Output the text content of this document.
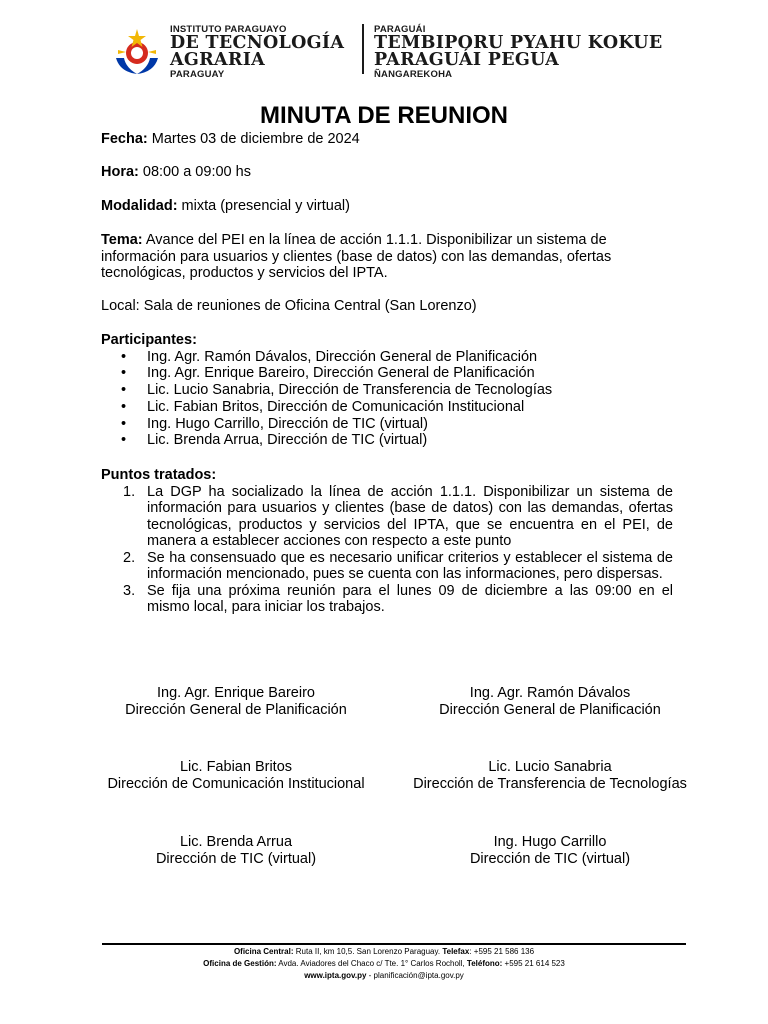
INSTITUTO PARAGUAYO
DE TECNOLOGÍA
AGRARIA
PARAGUAY
PARAGUÁI
TEMBIPORU PYAHU KOKUE
PARAGUÁI PEGUA
ÑANGAREKOHA
MINUTA DE REUNION

Fecha: Martes 03 de diciembre de 2024

Hora: 08:00 a 09:00 hs

Modalidad: mixta (presencial y virtual)

Tema: Avance del PEI en la línea de acción 1.1.1. Disponibilizar un sistema de información para usuarios y clientes (base de datos) con las demandas, ofertas tecnológicas, productos y servicios del IPTA.

Local: Sala de reuniones de Oficina Central (San Lorenzo)

Participantes:

• Ing. Agr. Ramón Dávalos, Dirección General de Planificación
• Ing. Agr. Enrique Bareiro, Dirección General de Planificación
• Lic. Lucio Sanabria, Dirección de Transferencia de Tecnologías
• Lic. Fabian Britos, Dirección de Comunicación Institucional
• Ing. Hugo Carrillo, Dirección de TIC (virtual)
• Lic. Brenda Arrua, Dirección de TIC (virtual)

Puntos tratados:

1. La DGP ha socializado la línea de acción 1.1.1. Disponibilizar un sistema de información para usuarios y clientes (base de datos) con las demandas, ofertas tecnológicas, productos y servicios del IPTA, que se encuentra en el PEI, de manera a establecer acciones con respecto a este punto
2. Se ha consensuado que es necesario unificar criterios y establecer el sistema de información mencionado, pues se cuenta con las informaciones, pero dispersas.
3. Se fija una próxima reunión para el lunes 09 de diciembre a las 09:00 en el mismo local, para iniciar los trabajos.
Ing. Agr. Enrique Bareiro
Dirección General de Planificación
Ing. Agr. Ramón Dávalos
Dirección General de Planificación
Lic. Fabian Britos
Dirección de Comunicación Institucional
Lic. Lucio Sanabria
Dirección de Transferencia de Tecnologías
Lic. Brenda Arrua
Dirección de TIC (virtual)
Ing. Hugo Carrillo
Dirección de TIC (virtual)
Oficina Central: Ruta II, km 10,5. San Lorenzo Paraguay. Telefax: +595 21 586 136
Oficina de Gestión: Avda. Aviadores del Chaco c/ Tte. 1° Carlos Rocholl, Teléfono: +595 21 614 523
www.ipta.gov.py - planificación@ipta.gov.py
